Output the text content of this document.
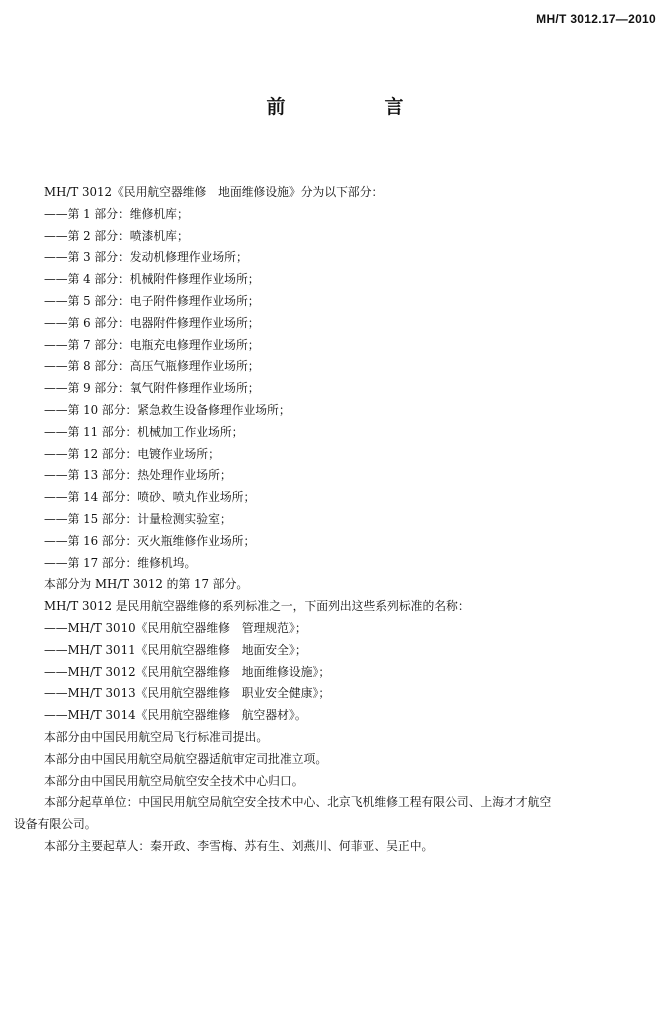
MH/T 3012.17—2010
前　言
MH/T 3012《民用航空器维修　地面维修设施》分为以下部分：
——第 1 部分：维修机库；
——第 2 部分：喷漆机库；
——第 3 部分：发动机修理作业场所；
——第 4 部分：机械附件修理作业场所；
——第 5 部分：电子附件修理作业场所；
——第 6 部分：电器附件修理作业场所；
——第 7 部分：电瓶充电修理作业场所；
——第 8 部分：高压气瓶修理作业场所；
——第 9 部分：氧气附件修理作业场所；
——第 10 部分：紧急救生设备修理作业场所；
——第 11 部分：机械加工作业场所；
——第 12 部分：电镀作业场所；
——第 13 部分：热处理作业场所；
——第 14 部分：喷砂、喷丸作业场所；
——第 15 部分：计量检测实验室；
——第 16 部分：灭火瓶维修作业场所；
——第 17 部分：维修机坞。
本部分为 MH/T 3012 的第 17 部分。
MH/T 3012 是民用航空器维修的系列标准之一，下面列出这些系列标准的名称：
——MH/T 3010《民用航空器维修　管理规范》；
——MH/T 3011《民用航空器维修　地面安全》；
——MH/T 3012《民用航空器维修　地面维修设施》；
——MH/T 3013《民用航空器维修　职业安全健康》；
——MH/T 3014《民用航空器维修　航空器材》。
本部分由中国民用航空局飞行标准司提出。
本部分由中国民用航空局航空器适航审定司批准立项。
本部分由中国民用航空局航空安全技术中心归口。
本部分起草单位：中国民用航空局航空安全技术中心、北京飞机维修工程有限公司、上海才才航空
设备有限公司。
本部分主要起草人：秦开政、李雪梅、苏有生、刘燕川、何菲亚、吴正中。
